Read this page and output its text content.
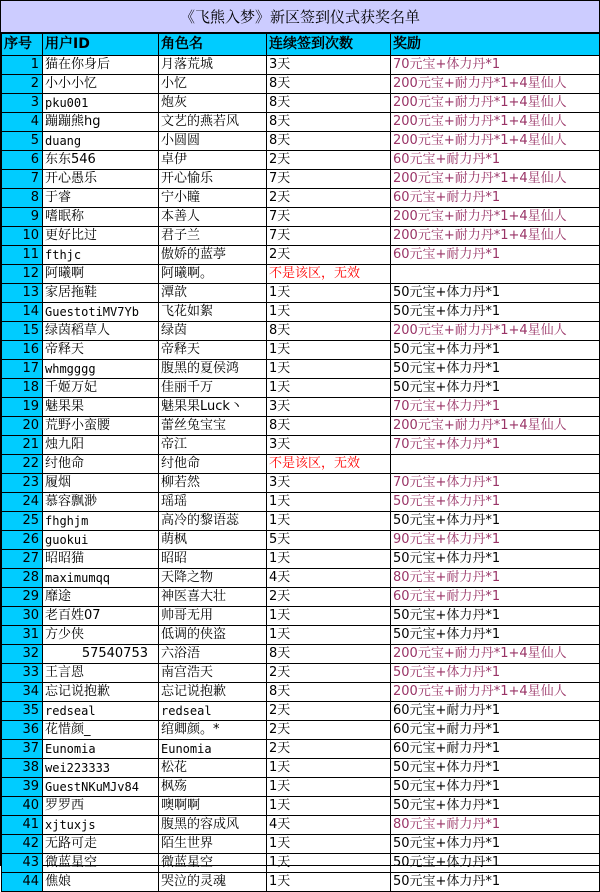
《飞熊入梦》新区签到仪式获奖名单
序号	用户ID	角色名	连续签到次数	奖励
1	猫在你身后	月落荒城	3天	70元宝+体力丹*1
2	小小小忆	小忆	8天	200元宝+耐力丹*1+4星仙人
3	pku001	炮灰	8天	200元宝+耐力丹*1+4星仙人
4	蹦蹦熊hg	文艺的燕若风	8天	200元宝+耐力丹*1+4星仙人
5	duang	小圆圆	8天	200元宝+耐力丹*1+4星仙人
6	东东546	卓伊	2天	60元宝+耐力丹*1
7	开心愚乐	开心愉乐	7天	200元宝+耐力丹*1+4星仙人
8	于睿	宁小瞳	2天	60元宝+耐力丹*1
9	嗜眠称	本善人	7天	200元宝+耐力丹*1+4星仙人
10	更好比过	君子兰	7天	200元宝+耐力丹*1+4星仙人
11	fthjc	傲娇的蓝葶	2天	60元宝+耐力丹*1
12	阿曦啊	阿曦啊。	不是该区，无效	
13	家居拖鞋	潭歆	1天	50元宝+体力丹*1
14	GuestotiMV7Yb	飞花如絮	1天	50元宝+体力丹*1
15	绿茵稻草人	绿茵	8天	200元宝+耐力丹*1+4星仙人
16	帝释天	帝释天	1天	50元宝+体力丹*1
17	whmgggg	腹黑的夏侯鸿	1天	50元宝+体力丹*1
18	千姬万妃	佳丽千万	1天	50元宝+体力丹*1
19	魅果果	魅果果Luck丶	3天	70元宝+体力丹*1
20	荒野小蛮腰	蕾丝兔宝宝	8天	200元宝+耐力丹*1+4星仙人
21	烛九阳	帝江	3天	70元宝+体力丹*1
22	纣他命	纣他命	不是该区，无效	
23	履烟	柳若然	3天	70元宝+体力丹*1
24	慕容飘渺	瑶瑶	1天	50元宝+体力丹*1
25	fhghjm	高冷的黎语蕊	1天	50元宝+体力丹*1
26	guokui	萌枫	5天	90元宝+体力丹*1
27	昭昭猫	昭昭	1天	50元宝+体力丹*1
28	maximumqq	天降之物	4天	80元宝+耐力丹*1
29	靡途	神医喜大壮	2天	60元宝+耐力丹*1
30	老百姓07	帅哥无用	1天	50元宝+体力丹*1
31	方少侠	低调的侠盗	1天	50元宝+体力丹*1
32	57540753	六浴浯	8天	200元宝+耐力丹*1+4星仙人
33	王言恩	南宫浩天	2天	50元宝+体力丹*1
34	忘记说抱歉	忘记说抱歉	8天	200元宝+耐力丹*1+4星仙人
35	redseal	redseal	2天	60元宝+耐力丹*1
36	花惜颜_	绾卿颜。*	2天	60元宝+耐力丹*1
37	Eunomia	Eunomia	2天	60元宝+耐力丹*1
38	wei223333	松花	1天	50元宝+体力丹*1
39	GuestNKuMJv84	枫殇	1天	50元宝+体力丹*1
40	罗罗西	噢啊啊	1天	50元宝+体力丹*1
41	xjtuxjs	腹黑的容成风	4天	80元宝+耐力丹*1
42	无路可走	陌生世界	1天	50元宝+体力丹*1
43	微蓝星空	微蓝星空	1天	50元宝+体力丹*1
44	僬娘	哭泣的灵魂	1天	50元宝+体力丹*1
